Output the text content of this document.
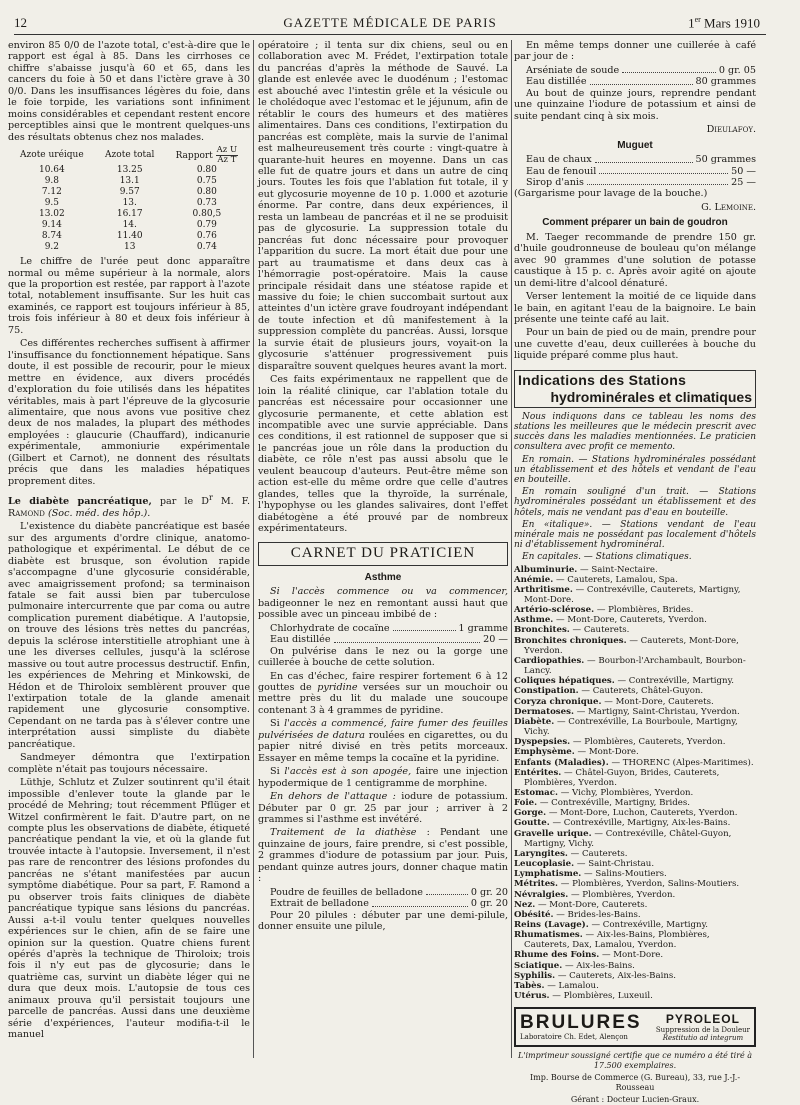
12	GAZETTE MÉDICALE DE PARIS	1er Mars 1910

environ 85 0/0 de l'azote total, c'est-à-dire que le rapport est égal à 85. Dans les cirrhoses ce chiffre s'abaisse jusqu'à 60 et 65, dans les cancers du foie à 50 et dans l'ictère grave à 30 0/0. Dans les insuffisances légères du foie, dans le foie torpide, les variations sont infiniment moins considérables et cependant restent encore perceptibles ainsi que le montrent quelques-uns des résultats obtenus chez nos malades.

Azote uréique	Azote total	Rapport $\frac{\text{Az U}}{\text{Az T}}$

10.64	13.25	0.80
9.8	13.1	0.75
7.12	9.57	0.80
9.5	13.	0.73
13.02	16.17	0.80,5
9.14	14.	0.79
8.74	11.40	0.76
9.2	13	0.74

Le chiffre de l'urée peut donc apparaître normal ou même supérieur à la normale, alors que la proportion est restée, par rapport à l'azote total, notablement insuffisante. Sur les huit cas examinés, ce rapport est toujours inférieur à 85, trois fois inférieur à 80 et deux fois inférieur à 75.

Ces différentes recherches suffisent à affirmer l'insuffisance du fonctionnement hépatique. Sans doute, il est possible de recourir, pour le mieux mettre en évidence, aux divers procédés d'exploration du foie utilisés dans les hépatites véritables, mais à part l'épreuve de la glycosurie alimentaire, que nous avons vue positive chez deux de nos malades, la plupart des méthodes employées : glaucurie (Chauffard), indicanurie expérimentale, ammoniurie expérimentale (Gilbert et Carnot), ne donnent des résultats précis que dans les maladies hépatiques proprement dites.

Le diabète pancréatique, par le $D^r$ M. F. Ramond (Soc. méd. des hôp.).

L'existence du diabète pancréatique est basée sur des arguments d'ordre clinique, anatomo-pathologique et expérimental. Le début de ce diabète est brusque, son évolution rapide s'accompagne d'une glycosurie considérable, avec amaigrissement profond; sa terminaison fatale se fait aussi bien par tuberculose pulmonaire intercurrente que par coma ou autre complication purement diabétique. A l'autopsie, on trouve des lésions très nettes du pancréas, depuis la sclérose interstitielle atrophiant une à une les diverses cellules, jusqu'à la sclérose massive ou tout autre processus destructif. Enfin, les expériences de Mehring et Minkowski, de Hédon et de Thiroloix semblèrent prouver que l'extirpation totale de la glande amenait rapidement une glycosurie consomptive. Cependant on ne tarda pas à s'élever contre une interprétation aussi simpliste du diabète pancréatique.

Sandmeyer démontra que l'extirpation complète n'était pas toujours nécessaire.

Lüthje, Schlutz et Zulzer soutinrent qu'il était impossible d'enlever toute la glande par le procédé de Mehring; tout récemment Pflüger et Witzel confirmèrent le fait. D'autre part, on ne compte plus les observations de diabète, étiqueté pancréatique pendant la vie, et où la glande fut trouvée intacte à l'autopsie. Inversement, il n'est pas rare de rencontrer des lésions profondes du pancréas ne s'étant manifestées par aucun symptôme diabétique. Pour sa part, F. Ramond a pu observer trois faits cliniques de diabète pancréatique typique sans lésions du pancréas. Aussi a-t-il voulu tenter quelques nouvelles expériences sur le chien, afin de se faire une opinion sur la question. Quatre chiens furent opérés d'après la technique de Thiroloix; trois fois il n'y eut pas de glycosurie; dans le quatrième cas, survint un diabète léger qui ne dura que deux mois. L'autopsie de tous ces animaux prouva qu'il persistait toujours une parcelle de pancréas. Aussi dans une deuxième série d'expériences, l'auteur modifia-t-il le manuel

opératoire ; il tenta sur dix chiens, seul ou en collaboration avec M. Frédet, l'extirpation totale du pancréas d'après la méthode de Sauvé. La glande est enlevée avec le duodénum ; l'estomac est abouché avec l'intestin grêle et la vésicule ou le cholédoque avec l'estomac et le jéjunum, afin de rétablir le cours des humeurs et des matières alimentaires. Dans ces conditions, l'extirpation du pancréas est complète, mais la survie de l'animal est malheureusement très courte : vingt-quatre à quarante-huit heures en moyenne. Dans un cas elle fut de quatre jours et dans un autre de cinq jours. Toutes les fois que l'ablation fut totale, il y eut glycosurie moyenne de 10 p. 1.000 et azoturie énorme. Par contre, dans deux expériences, il resta un lambeau de pancréas et il ne se produisit pas de glycosurie. La suppression totale du pancréas fut donc nécessaire pour provoquer l'apparition du sucre. La mort était due pour une part au traumatisme et dans deux cas à l'hémorragie post-opératoire. Mais la cause principale résidait dans une stéatose rapide et massive du foie; le chien succombait surtout aux atteintes d'un ictère grave foudroyant indépendant de toute infection et dû manifestement à la suppression complète du pancréas. Aussi, lorsque la survie était de plusieurs jours, voyait-on la glycosurie s'atténuer progressivement puis disparaître souvent quelques heures avant la mort.

Ces faits expérimentaux ne rappellent que de loin la réalité clinique, car l'ablation totale du pancréas est nécessaire pour occasionner une glycosurie permanente, et cette ablation est incompatible avec une survie appréciable. Dans ces conditions, il est rationnel de supposer que si le pancréas joue un rôle dans la production du diabète, ce rôle n'est pas aussi absolu que le veulent beaucoup d'auteurs. Peut-être même son action est-elle du même ordre que celle d'autres glandes, telles que la thyroïde, la surrénale, l'hypophyse ou les glandes salivaires, dont l'effet diabétogène a été prouvé par de nombreux expérimentateurs.

CARNET DU PRATICIEN
Asthme

Si l'accès commence ou va commencer, badigeonner le nez en remontant aussi haut que possible avec un pinceau imbibé de :

Chlorhydrate de cocaïne	1 gramme
Eau distillée	20 —

On pulvérise dans le nez ou la gorge une cuillerée à bouche de cette solution.

En cas d'échec, faire respirer fortement 6 à 12 gouttes de pyridine versées sur un mouchoir ou mettre près du lit du malade une soucoupe contenant 3 à 4 grammes de pyridine.

Si l'accès a commencé, faire fumer des feuilles pulvérisées de datura roulées en cigarettes, ou du papier nitré divisé en très petits morceaux. Essayer en même temps la cocaïne et la pyridine.

Si l'accès est à son apogée, faire une injection hypodermique de 1 centigramme de morphine.

En dehors de l'attaque : iodure de potassium. Débuter par 0 gr. 25 par jour ; arriver à 2 grammes si l'asthme est invétéré.

Traitement de la diathèse : Pendant une quinzaine de jours, faire prendre, si c'est possible, 2 grammes d'iodure de potassium par jour. Puis, pendant quinze autres jours, donner chaque matin :

Poudre de feuilles de belladone	0 gr. 20
Extrait de belladone	0 gr. 20

Pour 20 pilules : débuter par une demi-pilule, donner ensuite une pilule,

En même temps donner une cuillerée à café par jour de :

Arséniate de soude	0 gr. 05
Eau distillée	80 grammes

Au bout de quinze jours, reprendre pendant une quinzaine l'iodure de potassium et ainsi de suite pendant cinq à six mois.

Dieulafoy.

Muguet
Eau de chaux	50 grammes
Eau de fenouil	50 —
Sirop d'anis	25 —

(Gargarisme pour lavage de la bouche.)

G. Lemoine.

Comment préparer un bain de goudron

M. Taeger recommande de prendre 150 gr. d'huile goudronneuse de bouleau qu'on mélange avec 90 grammes d'une solution de potasse caustique à 15 p. c. Après avoir agité on ajoute un demi-litre d'alcool dénaturé.

Verser lentement la moitié de ce liquide dans le bain, en agitant l'eau de la baignoire. Le bain présente une teinte café au lait.

Pour un bain de pied ou de main, prendre pour une cuvette d'eau, deux cuillerées à bouche du liquide préparé comme plus haut.

Indications des Stations
hydrominérales et climatiques

Nous indiquons dans ce tableau les noms des stations les meilleures que le médecin prescrit avec succès dans les maladies mentionnées. Le praticien consultera avec profit ce memento.

En romain. — Stations hydrominérales possédant un établissement et des hôtels et vendant de l'eau en bouteille.

En romain souligné d'un trait. — Stations hydrominérales possédant un établissement et des hôtels, mais ne vendant pas d'eau en bouteille.

En «italique». — Stations vendant de l'eau minérale mais ne possédant pas localement d'hôtels ni d'établissement hydrominéral.

En capitales. — Stations climatiques.

Albuminurie. — Saint-Nectaire.

Anémie. — Cauterets, Lamalou, Spa.

Arthritisme. — Contrexéville, Cauterets, Martigny, Mont-Dore.

Artério-sclérose. — Plombières, Brides.

Asthme. — Mont-Dore, Cauterets, Yverdon.

Bronchites. — Cauterets.

Bronchites chroniques. — Cauterets, Mont-Dore, Yverdon.

Cardiopathies. — Bourbon-l'Archambault, Bourbon-Lancy.

Coliques hépatiques. — Contrexéville, Martigny.

Constipation. — Cauterets, Châtel-Guyon.

Coryza chronique. — Mont-Dore, Cauterets.

Dermatoses. — Martigny, Saint-Christau, Yverdon.

Diabète. — Contrexéville, La Bourboule, Martigny, Vichy.

Dyspepsies. — Plombières, Cauterets, Yverdon.

Emphysème. — Mont-Dore.

Enfants (Maladies). — THORENC (Alpes-Maritimes).

Entérites. — Châtel-Guyon, Brides, Cauterets, Plombières, Yverdon.

Estomac. — Vichy, Plombières, Yverdon.

Foie. — Contrexéville, Martigny, Brides.

Gorge. — Mont-Dore, Luchon, Cauterets, Yverdon.

Goutte. — Contrexéville, Martigny, Aix-les-Bains.

Gravelle urique. — Contrexéville, Châtel-Guyon, Martigny, Vichy.

Laryngites. — Cauterets.

Leucoplasie. — Saint-Christau.

Lymphatisme. — Salins-Moutiers.

Métrites. — Plombières, Yverdon, Salins-Moutiers.

Névralgies. — Plombières, Yverdon.

Nez. — Mont-Dore, Cauterets.

Obésité. — Brides-les-Bains.

Reins (Lavage). — Contrexéville, Martigny.

Rhumatismes. — Aix-les-Bains, Plombières, Cauterets, Dax, Lamalou, Yverdon.

Rhume des Foins. — Mont-Dore.

Sciatique. — Aix-les-Bains.

Syphilis. — Cauterets, Aix-les-Bains.

Tabès. — Lamalou.

Utérus. — Plombières, Luxeuil.

BRULURES
Laboratoire Ch. Edet, Alençon
PYROLEOL
Suppression de la Douleur
Restitutio ad integrum
L'imprimeur soussigné certifie que ce numéro a été tiré à 17.500 exemplaires.
Imp. Bourse de Commerce (G. Bureau), 33, rue J.-J.-Rousseau
Gérant : Docteur Lucien-Graux.
